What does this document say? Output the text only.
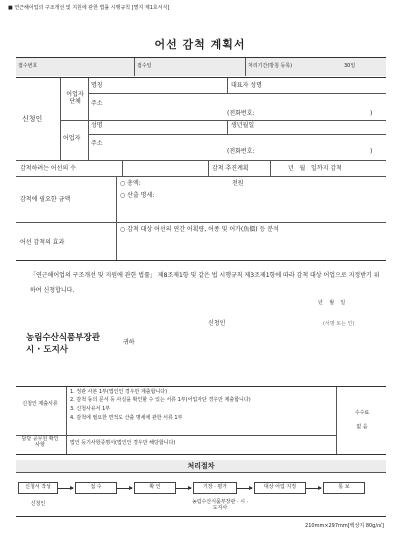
■ 연근해어업의 구조개선 및 지원에 관한 법률 시행규칙 [별지 제1호서식]
어선 감척 계획서
접수번호	접수일	처리기간(방침 등록)	30일
신청인
어업자 단체
어업자
명칭	대표자 성명
주소
(전화번호:	)
성명	생년월일
주소
(전화번호:	)
감척하려는 어선의 수	감척 추진계획	년   월   일까지 감척
감척에 필요한 금액
○ 총액:	천원
○ 산출 명세:
어선 감척의 효과
○ 감척 대상 어선의 연간 어획량, 어종 및 어가(魚價) 등 분석
「연근해어업의 구조개선 및 지원에 관한 법률」 제8조제1항 및 같은 법 시행규칙 제3조제1항에 따라 감척 대상 어업으로 지정받기 위하여 신청합니다.
년    월    일
신청인	(서명 또는 인)
농림수산식품부장관
시 · 도지사
귀하
신청인 제출서류
1. 정관 사본 1부(법인인 경우만 제출합니다)
2. 감척 동의 문서 등 사실을 확인할 수 있는 서류 1부(어업자단 경우만 제출합니다)
3. 신청사유서 1부
4. 감척에 필요한 면적도 산출 명세에 관한 서류 1부
수수료
없 음
담당 공무원 확인사항	법인 등기사항증명서(법인인 경우만 해당합니다)
처리절차
신청서 작성	접 수	확 인	기장 · 평가	대상 어업 지정	통 보
신청인	농림수산식품부장관 · 시 · 도지사
210mm×297mm[백상지 80g/㎡]
